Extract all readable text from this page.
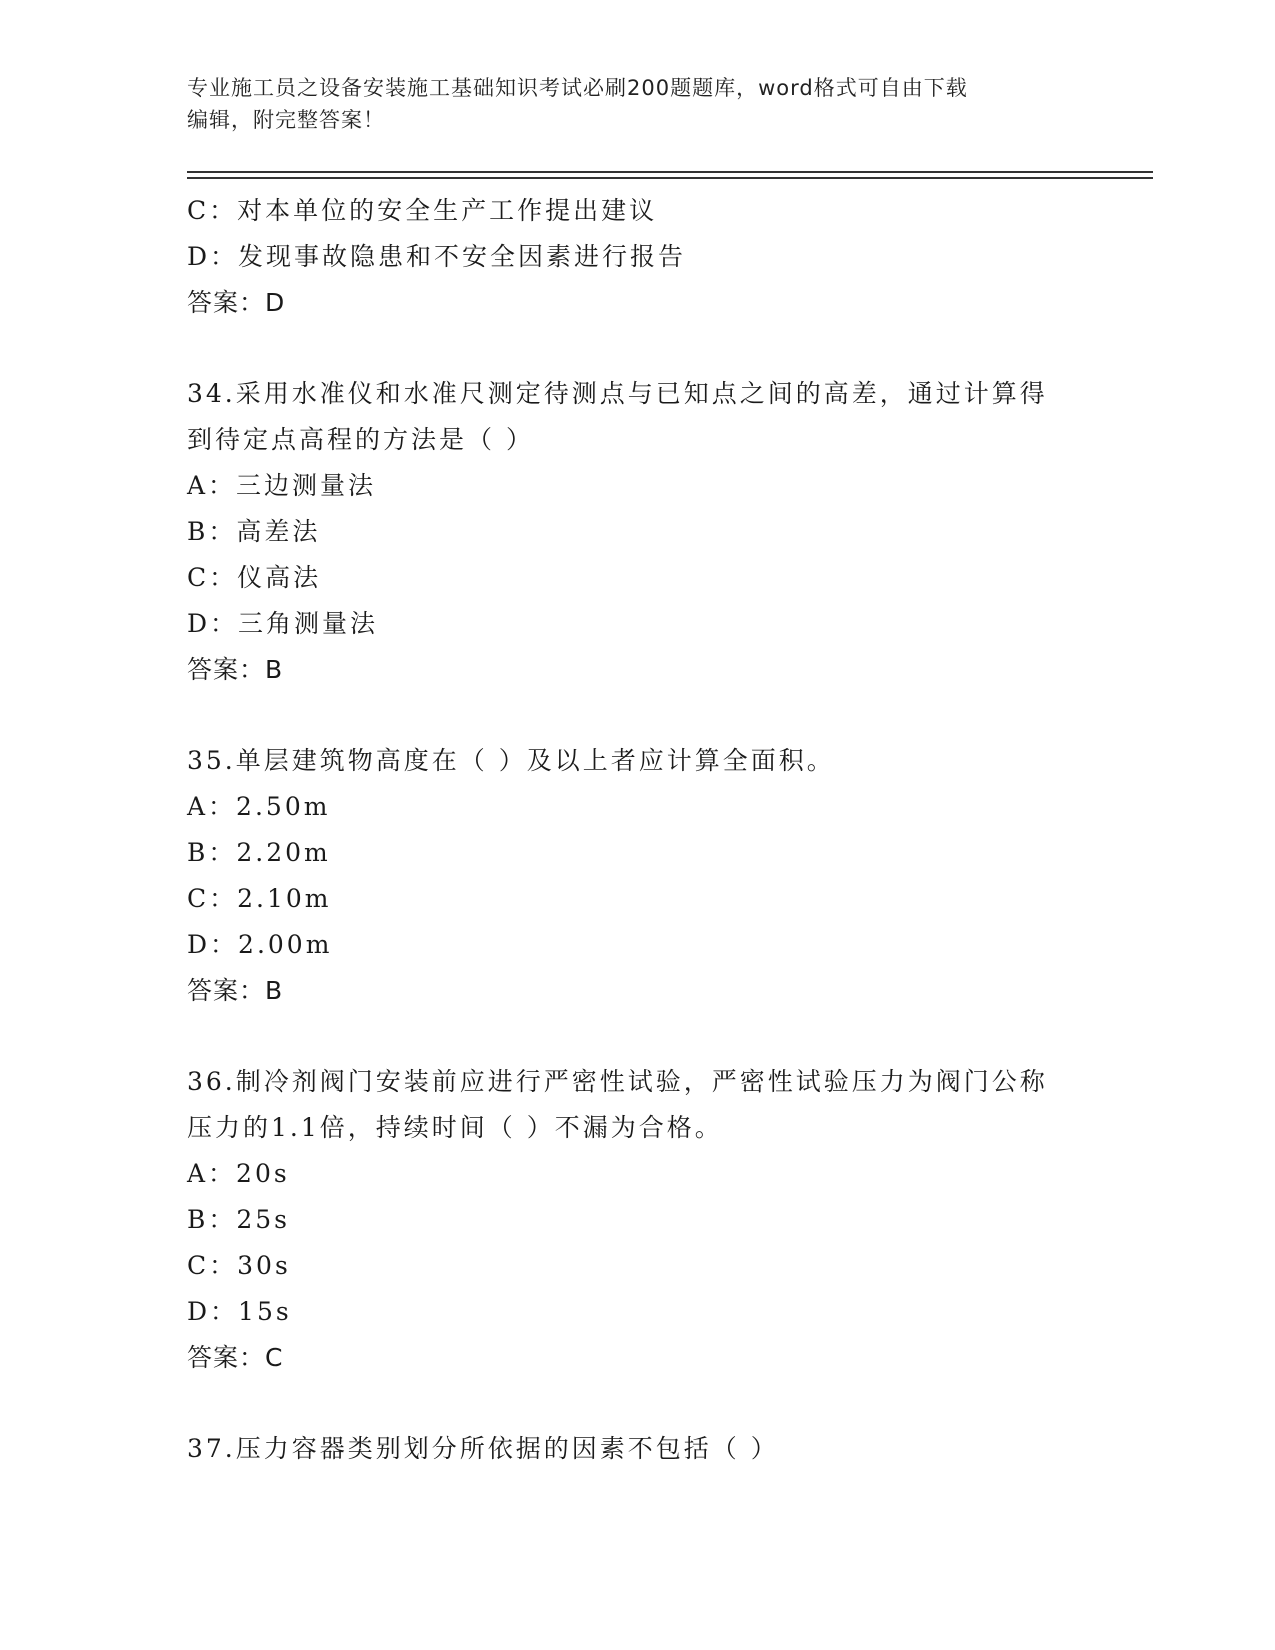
专业施工员之设备安装施工基础知识考试必刷200题题库，word格式可自由下载
编辑，附完整答案！
C：对本单位的安全生产工作提出建议
D：发现事故隐患和不安全因素进行报告
答案：D
34.采用水准仪和水准尺测定待测点与已知点之间的高差，通过计算得
到待定点高程的方法是（ ）
A：三边测量法
B：高差法
C：仪高法
D：三角测量法
答案：B
35.单层建筑物高度在（ ）及以上者应计算全面积。
A：2.50m
B：2.20m
C：2.10m
D：2.00m
答案：B
36.制冷剂阀门安装前应进行严密性试验，严密性试验压力为阀门公称
压力的1.1倍，持续时间（ ）不漏为合格。
A：20s
B：25s
C：30s
D：15s
答案：C
37.压力容器类别划分所依据的因素不包括（ ）
